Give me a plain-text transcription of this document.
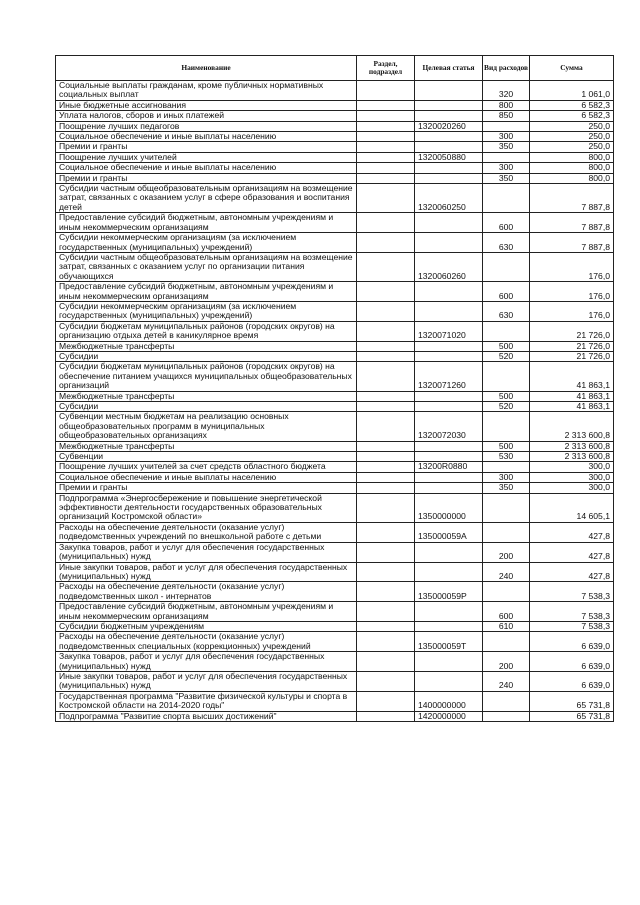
Наименование	Раздел, подраздел	Целевая статья	Вид расходов	Сумма
Социальные выплаты гражданам, кроме публичных нормативных социальных выплат			320	1 061,0
Иные бюджетные ассигнования			800	6 582,3
Уплата налогов, сборов и иных платежей			850	6 582,3
Поощрение лучших педагогов		1320020260		250,0
Социальное обеспечение и иные выплаты населению			300	250,0
Премии и гранты			350	250,0
Поощрение лучших учителей		1320050880		800,0
Социальное обеспечение и иные выплаты населению			300	800,0
Премии и гранты			350	800,0
Субсидии частным общеобразовательным организациям на возмещение затрат, связанных с оказанием услуг в сфере образования и воспитания детей		1320060250		7 887,8
Предоставление субсидий бюджетным, автономным учреждениям и иным некоммерческим организациям			600	7 887,8
Субсидии некоммерческим организациям (за исключением государственных (муниципальных) учреждений)			630	7 887,8
Субсидии частным общеобразовательным организациям на возмещение затрат, связанных с оказанием услуг по организации питания обучающихся		1320060260		176,0
Предоставление субсидий бюджетным, автономным учреждениям и иным некоммерческим организациям			600	176,0
Субсидии некоммерческим организациям (за исключением государственных (муниципальных) учреждений)			630	176,0
Субсидии бюджетам муниципальных районов (городских округов) на организацию отдыха детей в каникулярное время		1320071020		21 726,0
Межбюджетные трансферты			500	21 726,0
Субсидии			520	21 726,0
Субсидии бюджетам муниципальных районов (городских округов) на обеспечение питанием учащихся муниципальных общеобразовательных организаций		1320071260		41 863,1
Межбюджетные трансферты			500	41 863,1
Субсидии			520	41 863,1
Субвенции местным бюджетам на реализацию основных общеобразовательных программ в муниципальных общеобразовательных организациях		1320072030		2 313 600,8
Межбюджетные трансферты			500	2 313 600,8
Субвенции			530	2 313 600,8
Поощрение лучших учителей за счет средств областного бюджета		13200R0880		300,0
Социальное обеспечение и иные выплаты населению			300	300,0
Премии и гранты			350	300,0
Подпрограмма «Энергосбережение и повышение энергетической эффективности деятельности государственных образовательных организаций Костромской области»		1350000000		14 605,1
Расходы на обеспечение деятельности (оказание услуг) подведомственных учреждений по внешкольной работе с детьми		135000059А		427,8
Закупка товаров, работ и услуг для обеспечения государственных (муниципальных) нужд			200	427,8
Иные закупки товаров, работ и услуг для обеспечения государственных (муниципальных) нужд			240	427,8
Расходы на обеспечение деятельности (оказание услуг) подведомственных школ - интернатов		135000059Р		7 538,3
Предоставление субсидий бюджетным, автономным учреждениям и иным некоммерческим организациям			600	7 538,3
Субсидии бюджетным учреждениям			610	7 538,3
Расходы на обеспечение деятельности (оказание услуг) подведомственных специальных (коррекционных) учреждений		135000059Т		6 639,0
Закупка товаров, работ и услуг для обеспечения государственных (муниципальных) нужд			200	6 639,0
Иные закупки товаров, работ и услуг для обеспечения государственных (муниципальных) нужд			240	6 639,0
Государственная программа "Развитие физической культуры и спорта в Костромской области на 2014-2020 годы"		1400000000		65 731,8
Подпрограмма "Развитие спорта высших достижений"		1420000000		65 731,8
